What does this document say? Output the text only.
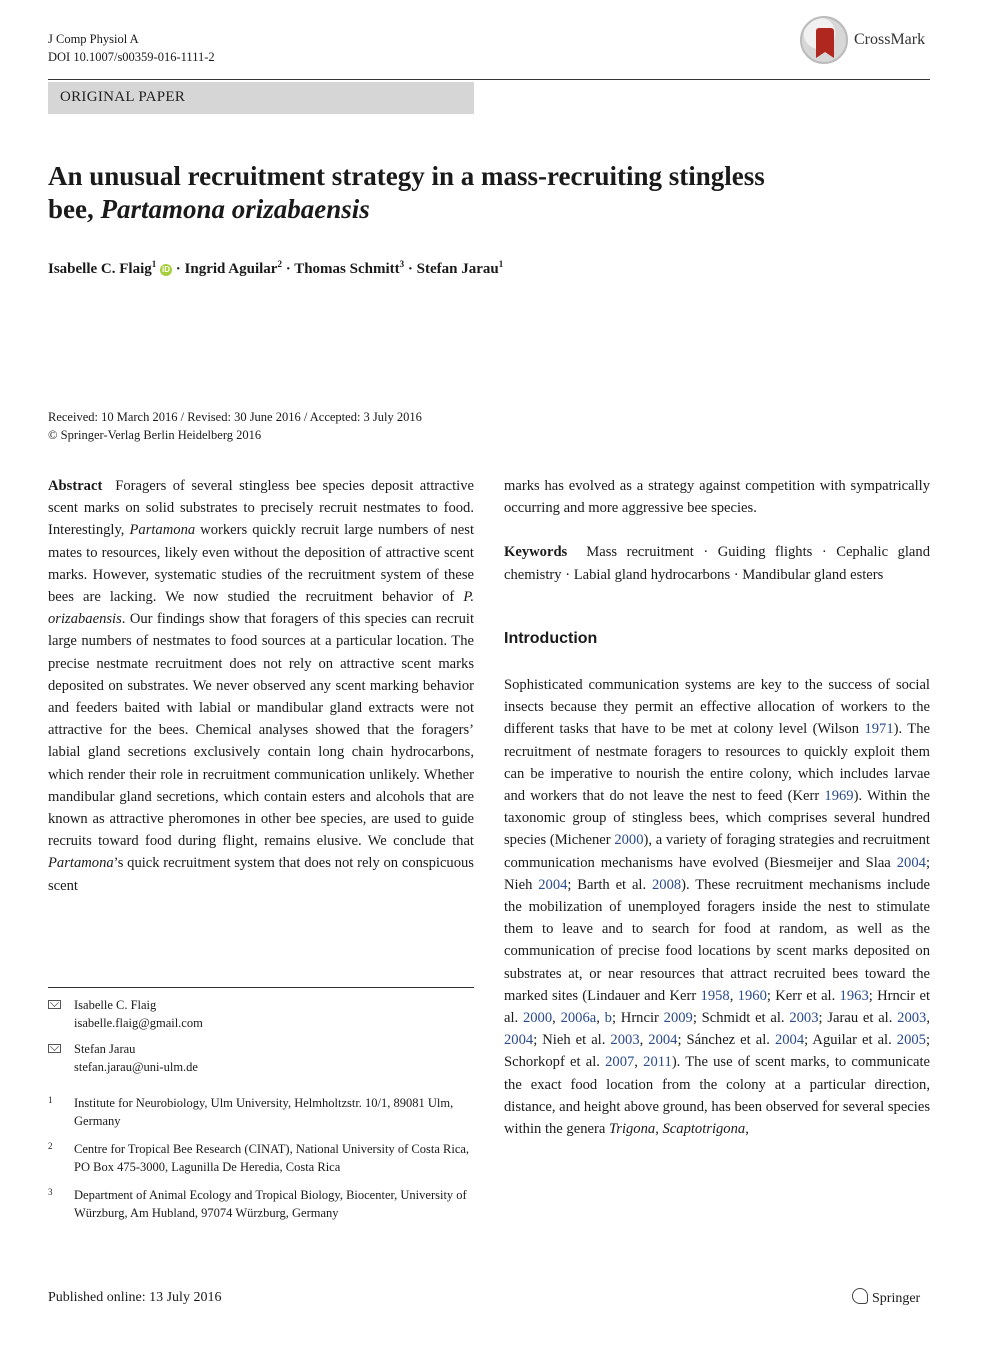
J Comp Physiol A
DOI 10.1007/s00359-016-1111-2
CrossMark
ORIGINAL PAPER
An unusual recruitment strategy in a mass-recruiting stingless
bee, Partamona orizabaensis
Isabelle C. Flaig$^1$ iD · Ingrid Aguilar$^2$ · Thomas Schmitt$^3$ · Stefan Jarau$^1$
Received: 10 March 2016 / Revised: 30 June 2016 / Accepted: 3 July 2016
© Springer-Verlag Berlin Heidelberg 2016

Abstract Foragers of several stingless bee species deposit attractive scent marks on solid substrates to precisely recruit nestmates to food. Interestingly, Partamona workers quickly recruit large numbers of nest mates to resources, likely even without the deposition of attractive scent marks. However, systematic studies of the recruitment system of these bees are lacking. We now studied the recruitment behavior of P. orizabaensis. Our findings show that foragers of this species can recruit large numbers of nestmates to food sources at a particular location. The precise nestmate recruitment does not rely on attractive scent marks deposited on substrates. We never observed any scent marking behavior and feeders baited with labial or mandibular gland extracts were not attractive for the bees. Chemical analyses showed that the foragers’ labial gland secretions exclusively contain long chain hydrocarbons, which render their role in recruitment communication unlikely. Whether mandibular gland secretions, which contain esters and alcohols that are known as attractive pheromones in other bee species, are used to guide recruits toward food during flight, remains elusive. We conclude that Partamona’s quick recruitment system that does not rely on conspicuous scent

marks has evolved as a strategy against competition with sympatrically occurring and more aggressive bee species.

Keywords Mass recruitment · Guiding flights · Cephalic gland chemistry · Labial gland hydrocarbons · Mandibular gland esters

Introduction

Sophisticated communication systems are key to the success of social insects because they permit an effective allocation of workers to the different tasks that have to be met at colony level (Wilson 1971). The recruitment of nestmate foragers to resources to quickly exploit them can be imperative to nourish the entire colony, which includes larvae and workers that do not leave the nest to feed (Kerr 1969). Within the taxonomic group of stingless bees, which comprises several hundred species (Michener 2000), a variety of foraging strategies and recruitment communication mechanisms have evolved (Biesmeijer and Slaa 2004; Nieh 2004; Barth et al. 2008). These recruitment mechanisms include the mobilization of unemployed foragers inside the nest to stimulate them to leave and to search for food at random, as well as the communication of precise food locations by scent marks deposited on substrates at, or near resources that attract recruited bees toward the marked sites (Lindauer and Kerr 1958, 1960; Kerr et al. 1963; Hrncir et al. 2000, 2006a, b; Hrncir 2009; Schmidt et al. 2003; Jarau et al. 2003, 2004; Nieh et al. 2003, 2004; Sánchez et al. 2004; Aguilar et al. 2005; Schorkopf et al. 2007, 2011). The use of scent marks, to communicate the exact food location from the colony at a particular direction, distance, and height above ground, has been observed for several species within the genera Trigona, Scaptotrigona,

Isabelle C. Flaig
isabelle.flaig@gmail.com
Stefan Jarau
stefan.jarau@uni-ulm.de
1 Institute for Neurobiology, Ulm University, Helmholtzstr. 10/1, 89081 Ulm, Germany
2 Centre for Tropical Bee Research (CINAT), National University of Costa Rica, PO Box 475-3000, Lagunilla De Heredia, Costa Rica
3 Department of Animal Ecology and Tropical Biology, Biocenter, University of Würzburg, Am Hubland, 97074 Würzburg, Germany
Published online: 13 July 2016	Springer
